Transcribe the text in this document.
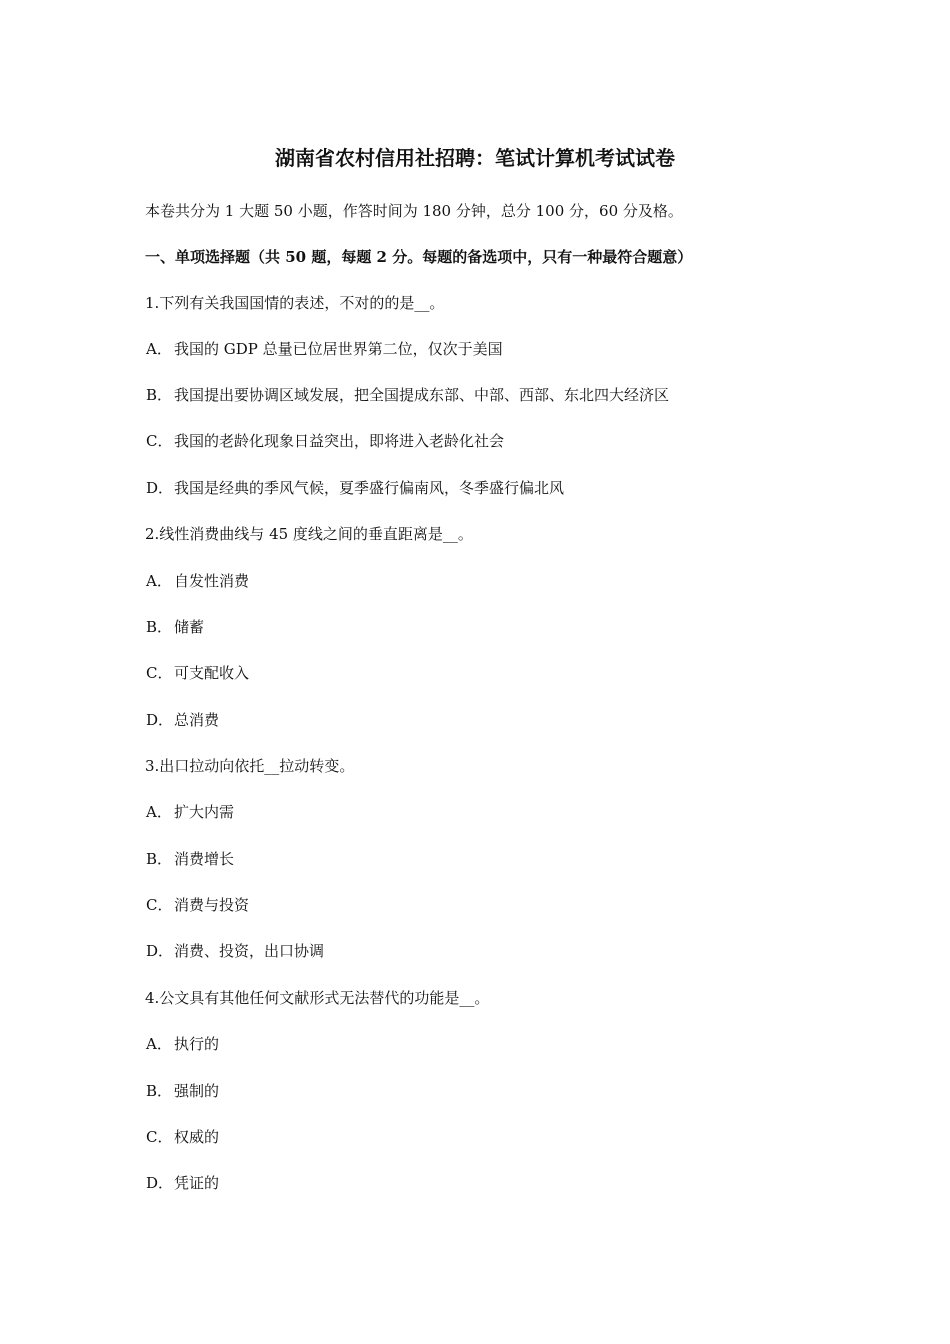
湖南省农村信用社招聘：笔试计算机考试试卷
本卷共分为 1 大题 50 小题，作答时间为 180 分钟，总分 100 分，60 分及格。
一、单项选择题（共 50 题，每题 2 分。每题的备选项中，只有一种最符合题意）
1.下列有关我国国情的表述，不对的的是__。
A． 我国的 GDP 总量已位居世界第二位，仅次于美国
B． 我国提出要协调区域发展，把全国提成东部、中部、西部、东北四大经济区
C． 我国的老龄化现象日益突出，即将进入老龄化社会
D．我国是经典的季风气候，夏季盛行偏南风，冬季盛行偏北风
2.线性消费曲线与 45 度线之间的垂直距离是__。
A． 自发性消费
B． 储蓄
C． 可支配收入
D．总消费
3.出口拉动向依托__拉动转变。
A． 扩大内需
B． 消费增长
C． 消费与投资
D．消费、投资，出口协调
4.公文具有其他任何文献形式无法替代的功能是__。
A． 执行的
B． 强制的
C． 权威的
D．凭证的
